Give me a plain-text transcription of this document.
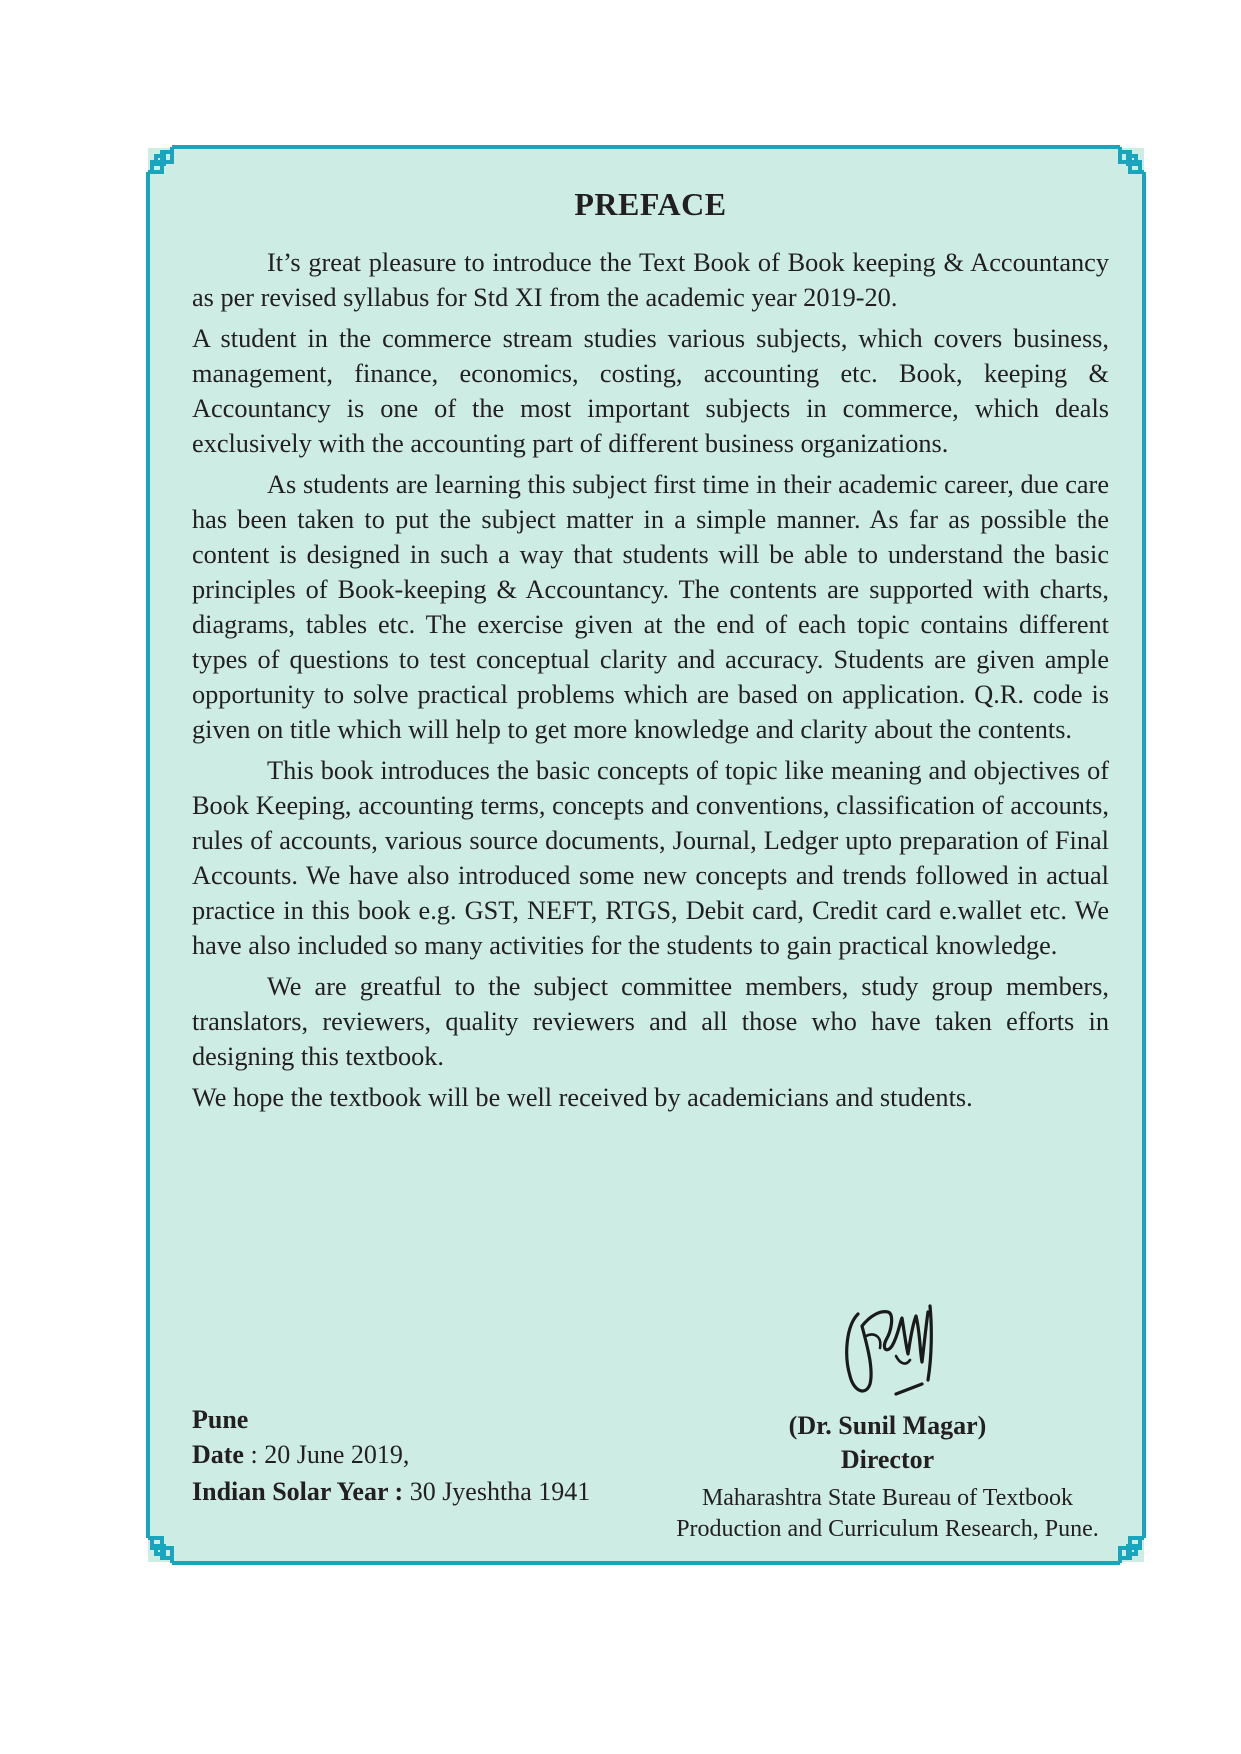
PREFACE

It’s great pleasure to introduce the Text Book of Book keeping & Accountancy as per revised syllabus for Std XI from the academic year 2019-20.

A student in the commerce stream studies various subjects, which covers business, management, finance, economics, costing, accounting etc. Book, keeping & Accountancy is one of the most important subjects in commerce, which deals exclusively with the accounting part of different business organizations.

As students are learning this subject first time in their academic career, due care has been taken to put the subject matter in a simple manner. As far as possible the content is designed in such a way that students will be able to understand the basic principles of Book-keeping & Accountancy. The contents are supported with charts, diagrams, tables etc. The exercise given at the end of each topic contains different types of questions to test conceptual clarity and accuracy. Students are given ample opportunity to solve practical problems which are based on application. Q.R. code is given on title which will help to get more knowledge and clarity about the contents.

This book introduces the basic concepts of topic like meaning and objectives of Book Keeping, accounting terms, concepts and conventions, classification of accounts, rules of accounts, various source documents, Journal, Ledger upto preparation of Final Accounts. We have also introduced some new concepts and trends followed in actual practice in this book e.g. GST, NEFT, RTGS, Debit card, Credit card e.wallet etc. We have also included so many activities for the students to gain practical knowledge.

We are greatful to the subject committee members, study group members, translators, reviewers, quality reviewers and all those who have taken efforts in designing this textbook.

We hope the textbook will be well received by academicians and students.

Pune
Date : 20 June 2019,
Indian Solar Year : 30 Jyeshtha 1941
(Dr. Sunil Magar)
Director
Maharashtra State Bureau of Textbook
Production and Curriculum Research, Pune.
